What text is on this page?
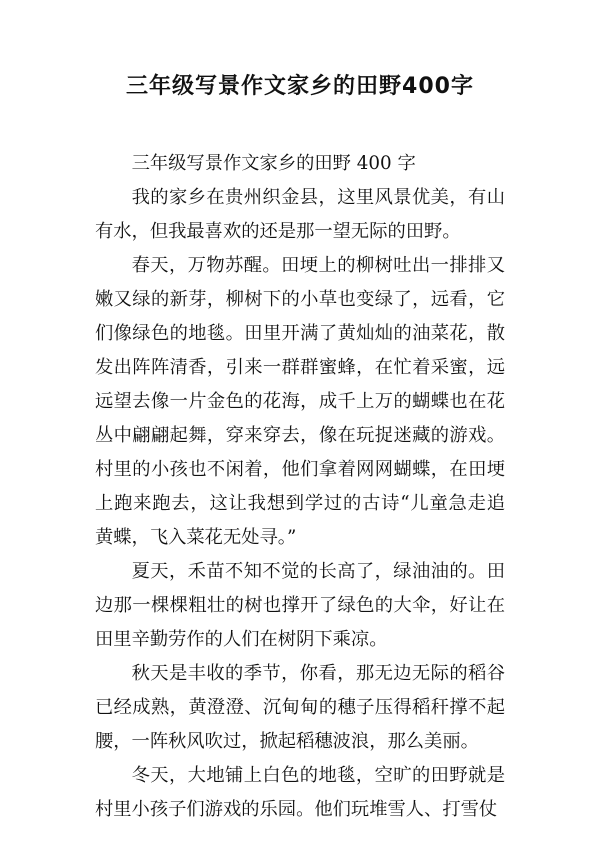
三年级写景作文家乡的田野400字

三年级写景作文家乡的田野 400 字

我的家乡在贵州织金县，这里风景优美，有山有水，但我最喜欢的还是那一望无际的田野。

春天，万物苏醒。田埂上的柳树吐出一排排又嫩又绿的新芽，柳树下的小草也变绿了，远看，它们像绿色的地毯。田里开满了黄灿灿的油菜花，散发出阵阵清香，引来一群群蜜蜂，在忙着采蜜，远远望去像一片金色的花海，成千上万的蝴蝶也在花丛中翩翩起舞，穿来穿去，像在玩捉迷藏的游戏。村里的小孩也不闲着，他们拿着网网蝴蝶，在田埂上跑来跑去，这让我想到学过的古诗“儿童急走追黄蝶，飞入菜花无处寻。”

夏天，禾苗不知不觉的长高了，绿油油的。田边那一棵棵粗壮的树也撑开了绿色的大伞，好让在田里辛勤劳作的人们在树阴下乘凉。

秋天是丰收的季节，你看，那无边无际的稻谷已经成熟，黄澄澄、沉甸甸的穗子压得稻秆撑不起腰，一阵秋风吹过，掀起稻穗波浪，那么美丽。

冬天，大地铺上白色的地毯，空旷的田野就是村里小孩子们游戏的乐园。他们玩堆雪人、打雪仗
